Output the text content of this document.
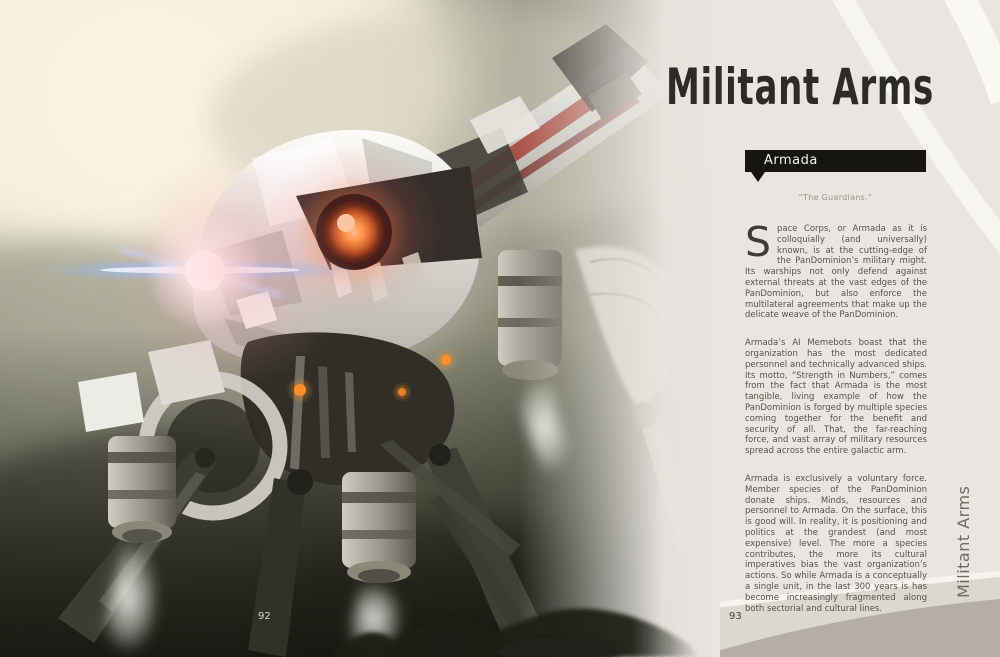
Militant Arms
Armada
“The Guardians.”

Space Corps, or Armada as it is colloquially (and universally) known, is at the cutting-edge of the PanDominion’s military might. Its warships not only defend against external threats at the vast edges of the PanDominion, but also enforce the multilateral agreements that make up the delicate weave of the PanDominion.

Armada’s AI Memebots boast that the organization has the most dedicated personnel and technically advanced ships. Its motto, “Strength in Numbers,” comes from the fact that Armada is the most tangible, living example of how the PanDominion is forged by multiple species coming together for the benefit and security of all. That, the far-reaching force, and vast array of military resources spread across the entire galactic arm.

Armada is exclusively a voluntary force. Member species of the PanDominion donate ships. Minds, resources and personnel to Armada. On the surface, this is good will. In reality, it is positioning and politics at the grandest (and most expensive) level. The more a species contributes, the more its cultural imperatives bias the vast organization’s actions. So while Armada is a conceptually a single unit, in the last 300 years is has become increasingly fragmented along both sectorial and cultural lines.

Militant Arms
92	93
